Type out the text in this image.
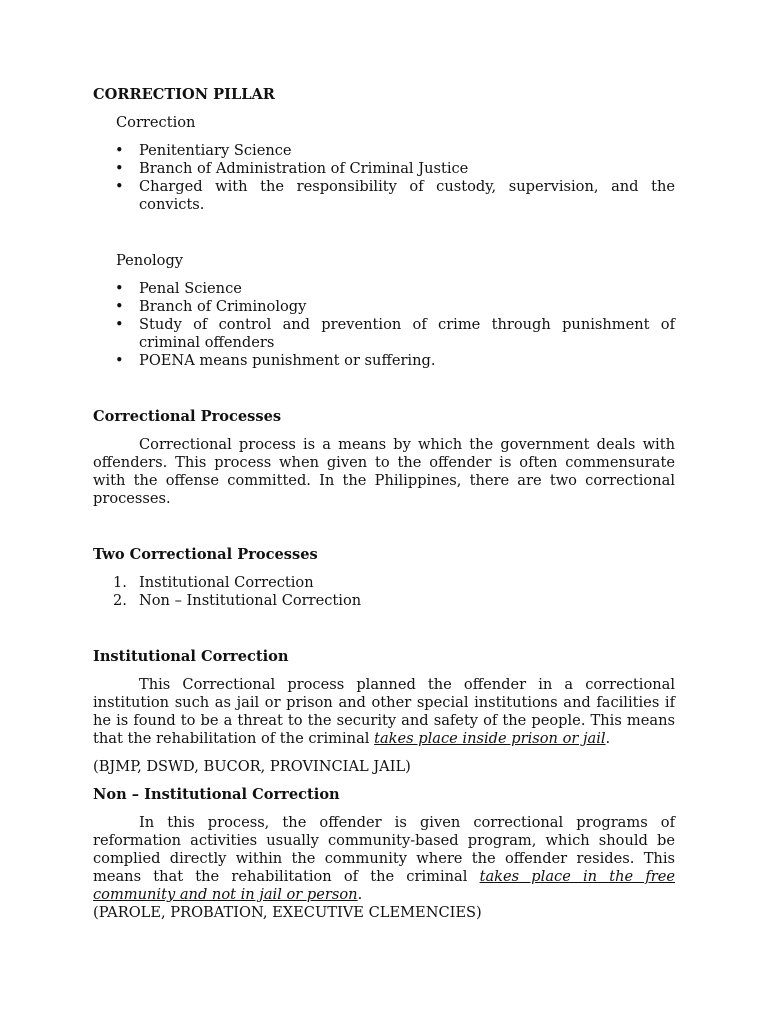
CORRECTION PILLAR
Correction
• Penitentiary Science
• Branch of Administration of Criminal Justice
• Charged with the responsibility of custody, supervision, and the convicts.
Penology
• Penal Science
• Branch of Criminology
• Study of control and prevention of crime through punishment of criminal offenders
• POENA means punishment or suffering.
Correctional Processes

Correctional process is a means by which the government deals with offenders. This process when given to the offender is often commensurate with the offense committed. In the Philippines, there are two correctional processes.

Two Correctional Processes
1. Institutional Correction
2. Non – Institutional Correction
Institutional Correction

This Correctional process planned the offender in a correctional institution such as jail or prison and other special institutions and facilities if he is found to be a threat to the security and safety of the people. This means that the rehabilitation of the criminal takes place inside prison or jail.

(BJMP, DSWD, BUCOR, PROVINCIAL JAIL)

Non – Institutional Correction

In this process, the offender is given correctional programs of reformation activities usually community-based program, which should be complied directly within the community where the offender resides. This means that the rehabilitation of the criminal takes place in the free community and not in jail or person.

(PAROLE, PROBATION, EXECUTIVE CLEMENCIES)
